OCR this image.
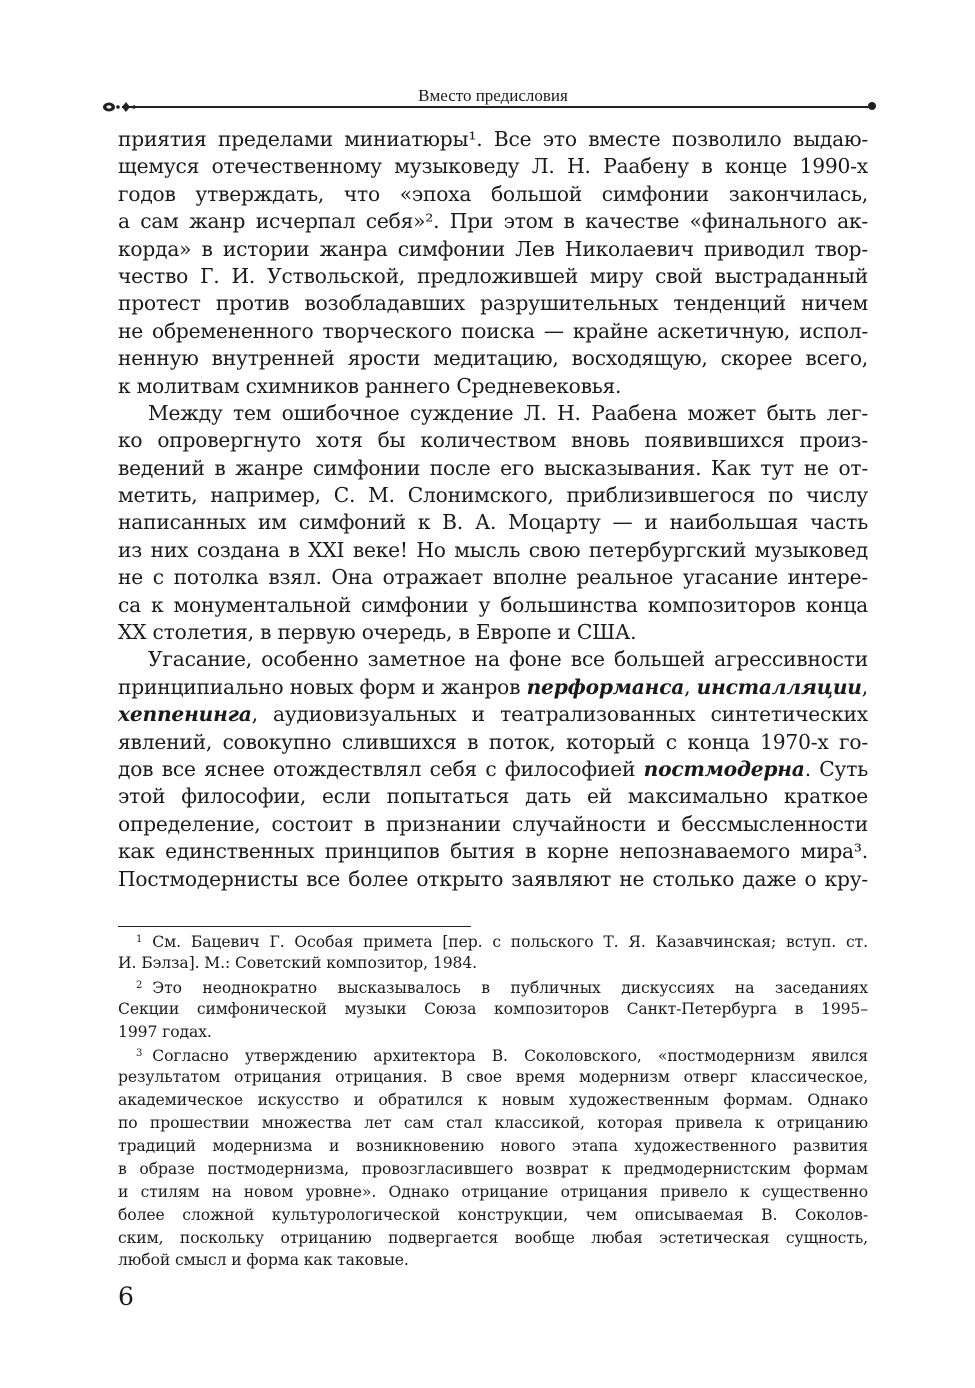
Вместо предисловия
приятия пределами миниатюры¹. Все это вместе позволило выдаю-
щемуся отечественному музыковеду Л. Н. Раабену в конце 1990-х
годов утверждать, что «эпоха большой симфонии закончилась,
а сам жанр исчерпал себя»². При этом в качестве «финального ак-
корда» в истории жанра симфонии Лев Николаевич приводил твор-
чество Г. И. Уствольской, предложившей миру свой выстраданный
протест против возобладавших разрушительных тенденций ничем
не обремененного творческого поиска — крайне аскетичную, испол-
ненную внутренней ярости медитацию, восходящую, скорее всего,
к молитвам схимников раннего Средневековья.
Между тем ошибочное суждение Л. Н. Раабена может быть лег-
ко опровергнуто хотя бы количеством вновь появившихся произ-
ведений в жанре симфонии после его высказывания. Как тут не от-
метить, например, С. М. Слонимского, приблизившегося по числу
написанных им симфоний к В. А. Моцарту — и наибольшая часть
из них создана в XXI веке! Но мысль свою петербургский музыковед
не с потолка взял. Она отражает вполне реальное угасание интере-
са к монументальной симфонии у большинства композиторов конца
XX столетия, в первую очередь, в Европе и США.
Угасание, особенно заметное на фоне все большей агрессивности
принципиально новых форм и жанров перформанса, инсталляции,
хеппенинга, аудиовизуальных и театрализованных синтетических
явлений, совокупно слившихся в поток, который с конца 1970-х го-
дов все яснее отождествлял себя с философией постмодерна. Суть
этой философии, если попытаться дать ей максимально краткое
определение, состоит в признании случайности и бессмысленности
как единственных принципов бытия в корне непознаваемого мира³.
Постмодернисты все более открыто заявляют не столько даже о кру-
$^1$ См. Бацевич Г. Особая примета [пер. с польского Т. Я. Казавчинская; вступ. ст.
И. Бэлза]. М.: Советский композитор, 1984.
$^2$ Это неоднократно высказывалось в публичных дискуссиях на заседаниях
Секции симфонической музыки Союза композиторов Санкт-Петербурга в 1995–
1997 годах.
$^3$ Согласно утверждению архитектора В. Соколовского, «постмодернизм явился
результатом отрицания отрицания. В свое время модернизм отверг классическое,
академическое искусство и обратился к новым художественным формам. Однако
по прошествии множества лет сам стал классикой, которая привела к отрицанию
традиций модернизма и возникновению нового этапа художественного развития
в образе постмодернизма, провозгласившего возврат к предмодернистским формам
и стилям на новом уровне». Однако отрицание отрицания привело к существенно
более сложной культурологической конструкции, чем описываемая В. Соколов-
ским, поскольку отрицанию подвергается вообще любая эстетическая сущность,
любой смысл и форма как таковые.
6
